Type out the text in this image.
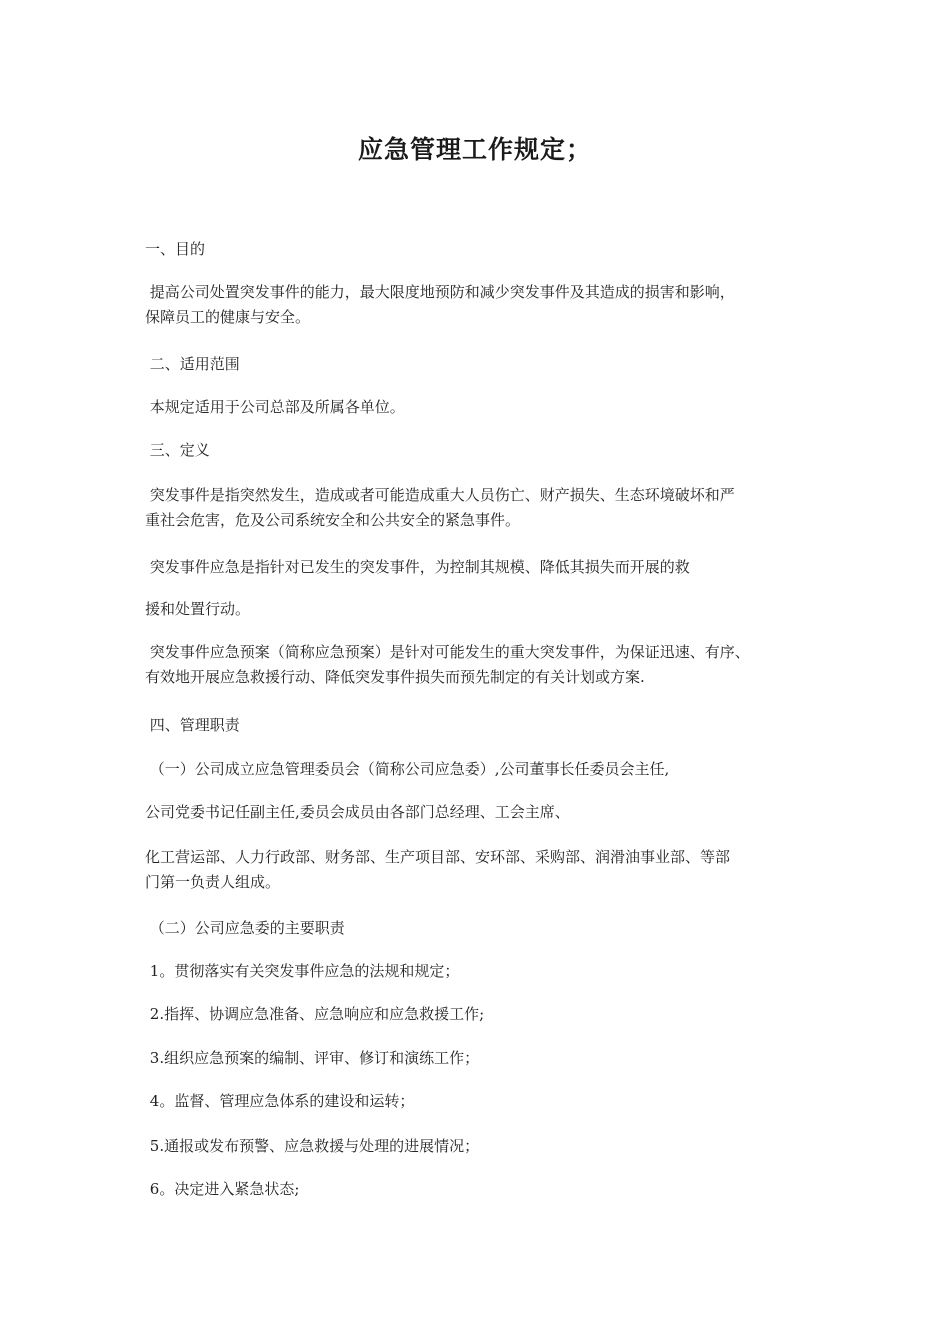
应急管理工作规定；
一、目的
提高公司处置突发事件的能力，最大限度地预防和减少突发事件及其造成的损害和影响，
保障员工的健康与安全。
二、适用范围
本规定适用于公司总部及所属各单位。
三、定义
突发事件是指突然发生，造成或者可能造成重大人员伤亡、财产损失、生态环境破坏和严
重社会危害，危及公司系统安全和公共安全的紧急事件。
突发事件应急是指针对已发生的突发事件，为控制其规模、降低其损失而开展的救
援和处置行动。
突发事件应急预案（简称应急预案）是针对可能发生的重大突发事件，为保证迅速、有序、
有效地开展应急救援行动、降低突发事件损失而预先制定的有关计划或方案.
四、管理职责
（一）公司成立应急管理委员会（简称公司应急委）,公司董事长任委员会主任,
公司党委书记任副主任,委员会成员由各部门总经理、工会主席、
化工营运部、人力行政部、财务部、生产项目部、安环部、采购部、润滑油事业部、等部
门第一负责人组成。
（二）公司应急委的主要职责
1。贯彻落实有关突发事件应急的法规和规定；
2.指挥、协调应急准备、应急响应和应急救援工作;
3.组织应急预案的编制、评审、修订和演练工作；
4。监督、管理应急体系的建设和运转；
5.通报或发布预警、应急救援与处理的进展情况；
6。决定进入紧急状态;
